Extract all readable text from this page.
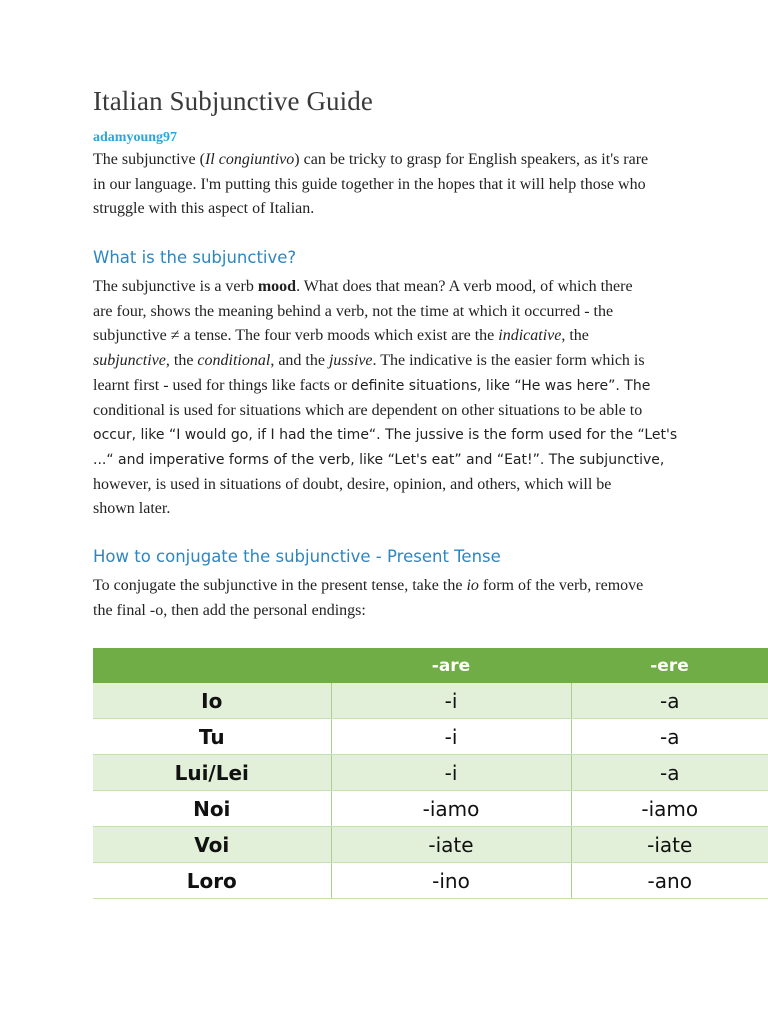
Italian Subjunctive Guide
adamyoung97
The subjunctive (Il congiuntivo) can be tricky to grasp for English speakers, as it's rare
in our language. I'm putting this guide together in the hopes that it will help those who
struggle with this aspect of Italian.
What is the subjunctive?
The subjunctive is a verb mood. What does that mean? A verb mood, of which there
are four, shows the meaning behind a verb, not the time at which it occurred - the
subjunctive ≠ a tense. The four verb moods which exist are the indicative, the
subjunctive, the conditional, and the jussive. The indicative is the easier form which is
learnt first - used for things like facts or definite situations, like “He was here”. The
conditional is used for situations which are dependent on other situations to be able to
occur, like “I would go, if I had the time“. The jussive is the form used for the “Let's
...“ and imperative forms of the verb, like “Let's eat” and “Eat!”. The subjunctive,
however, is used in situations of doubt, desire, opinion, and others, which will be
shown later.
How to conjugate the subjunctive - Present Tense
To conjugate the subjunctive in the present tense, take the io form of the verb, remove
the final -o, then add the personal endings:
	-are	-ere
Io	-i	-a
Tu	-i	-a
Lui/Lei	-i	-a
Noi	-iamo	-iamo
Voi	-iate	-iate
Loro	-ino	-ano
